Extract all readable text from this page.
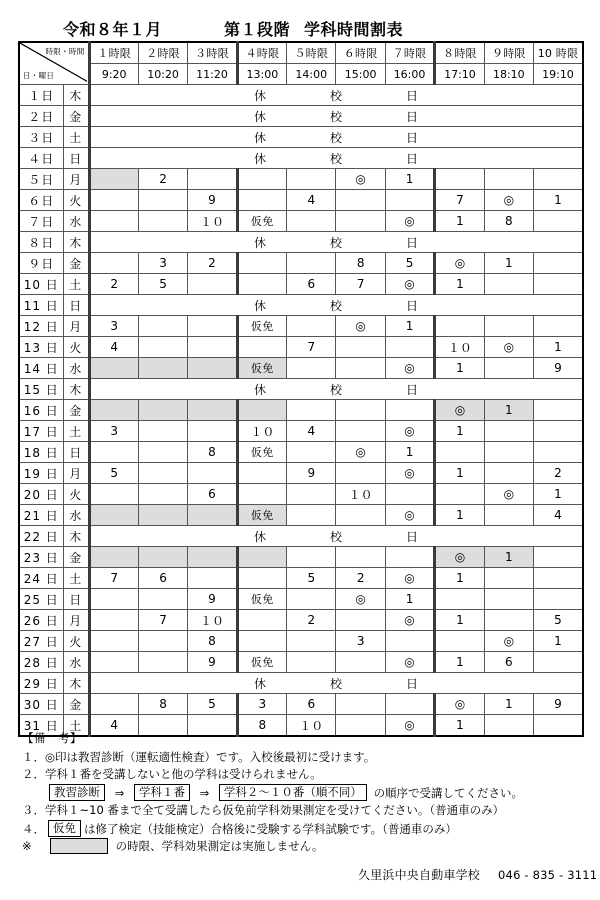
令和８年１月	第１段階 学科時間割表
時限・時間
日・曜日		１時限	２時限	３時限	４時限	５時限	６時限	７時限	８時限	９時限	10 時限
		9:20	10:20	11:20	13:00	14:00	15:00	16:00	17:10	18:10	19:10
１日	木	休 校 日									

２日	金	休 校 日									

３日	土	休 校 日									

４日	日	休 校 日									

５日	月		2				◎	1			
６日	火			9		4			7	◎	1
７日	水			１０	仮免			◎	1	8	
８日	木	休 校 日									

９日	金		3	2			8	5	◎	1	
10 日	土	2	5			6	7	◎	1		
11 日	日	休 校 日									

12 日	月	3			仮免		◎	1			
13 日	火	4				7			１０	◎	1
14 日	水				仮免			◎	1		9
15 日	木	休 校 日									

16 日	金								◎	1	
17 日	土	3			１０	4		◎	1		
18 日	日			8	仮免		◎	1			
19 日	月	5				9		◎	1		2
20 日	火			6			１０			◎	1
21 日	水				仮免			◎	1		4
22 日	木	休 校 日									

23 日	金								◎	1	
24 日	土	7	6			5	2	◎	1		
25 日	日			9	仮免		◎	1			
26 日	月		7	１０		2		◎	1		5
27 日	火			8			3			◎	1
28 日	水			9	仮免			◎	1	6	
29 日	木	休 校 日									

30 日	金		8	5	3	6			◎	1	9
31 日	土	4			8	１０		◎	1		
【備　考】
１．◎印は教習診断（運転適性検査）です。入校後最初に受けます。
２．学科１番を受講しないと他の学科は受けられません。
教習診断 ⇒ 学科１番 ⇒ 学科２～１０番（順不同） の順序で受講してください。
３．学科１~10 番まで全て受講したら仮免前学科効果測定を受けてください。（普通車のみ）
４． 仮免 は修了検定（技能検定）合格後に受験する学科試験です。（普通車のみ）
※	の時限、学科効果測定は実施しません。
久里浜中央自動車学校 046 - 835 - 3111
